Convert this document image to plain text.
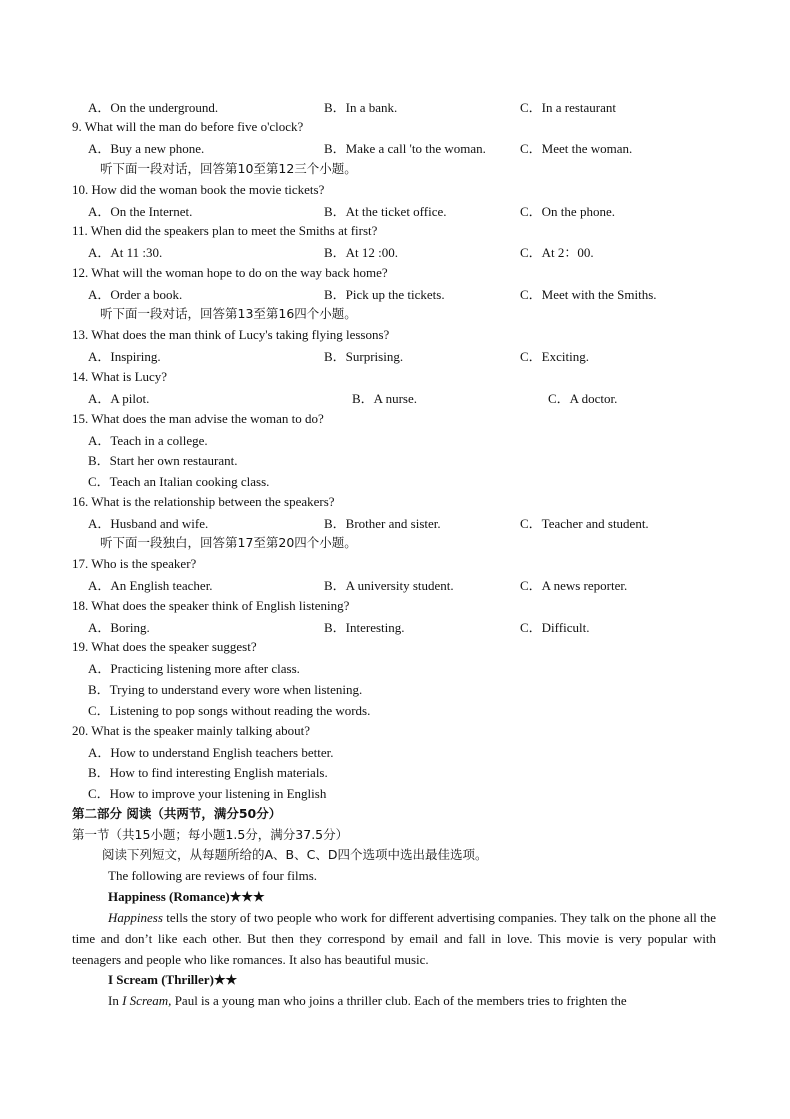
A．On the underground.	B．In a bank.	C．In a restaurant
9. What will the man do before five o'clock?
A．Buy a new phone.	B．Make a call 'to the woman.	C．Meet the woman.
听下面一段对话，回答第10至第12三个小题。
10. How did the woman book the movie tickets?
A．On the Internet.	B．At the ticket office.	C．On the phone.
11. When did the speakers plan to meet the Smiths at first?
A．At 11 :30.	B．At 12 :00.	C．At 2：00.
12. What will the woman hope to do on the way back home?
A．Order a book.	B．Pick up the tickets.	C．Meet with the Smiths.
听下面一段对话，回答第13至第16四个小题。
13. What does the man think of Lucy's taking flying lessons?
A．Inspiring.	B．Surprising.	C．Exciting.
14. What is Lucy?
A．A pilot.	B．A nurse.	C．A doctor.
15. What does the man advise the woman to do?
A．Teach in a college.
B．Start her own restaurant.
C．Teach an Italian cooking class.
16. What is the relationship between the speakers?
A．Husband and wife.	B．Brother and sister.	C．Teacher and student.
听下面一段独白，回答第17至第20四个小题。
17. Who is the speaker?
A．An English teacher.	B．A university student.	C．A news reporter.
18. What does the speaker think of English listening?
A．Boring.	B．Interesting.	C．Difficult.
19. What does the speaker suggest?
A．Practicing listening more after class.
B．Trying to understand every wore when listening.
C．Listening to pop songs without reading the words.
20. What is the speaker mainly talking about?
A．How to understand English teachers better.
B．How to find interesting English materials.
C．How to improve your listening in English
第二部分 阅读（共两节，满分50分）
第一节（共15小题；每小题1.5分，满分37.5分）
阅读下列短文，从每题所给的A、B、C、D四个选项中选出最佳选项。
The following are reviews of four films.
Happiness (Romance)★★★
Happiness tells the story of two people who work for different advertising companies. They talk on the phone all the time and don’t like each other. But then they correspond by email and fall in love. This movie is very popular with teenagers and people who like romances. It also has beautiful music.
I Scream (Thriller)★★
In I Scream, Paul is a young man who joins a thriller club. Each of the members tries to frighten the
